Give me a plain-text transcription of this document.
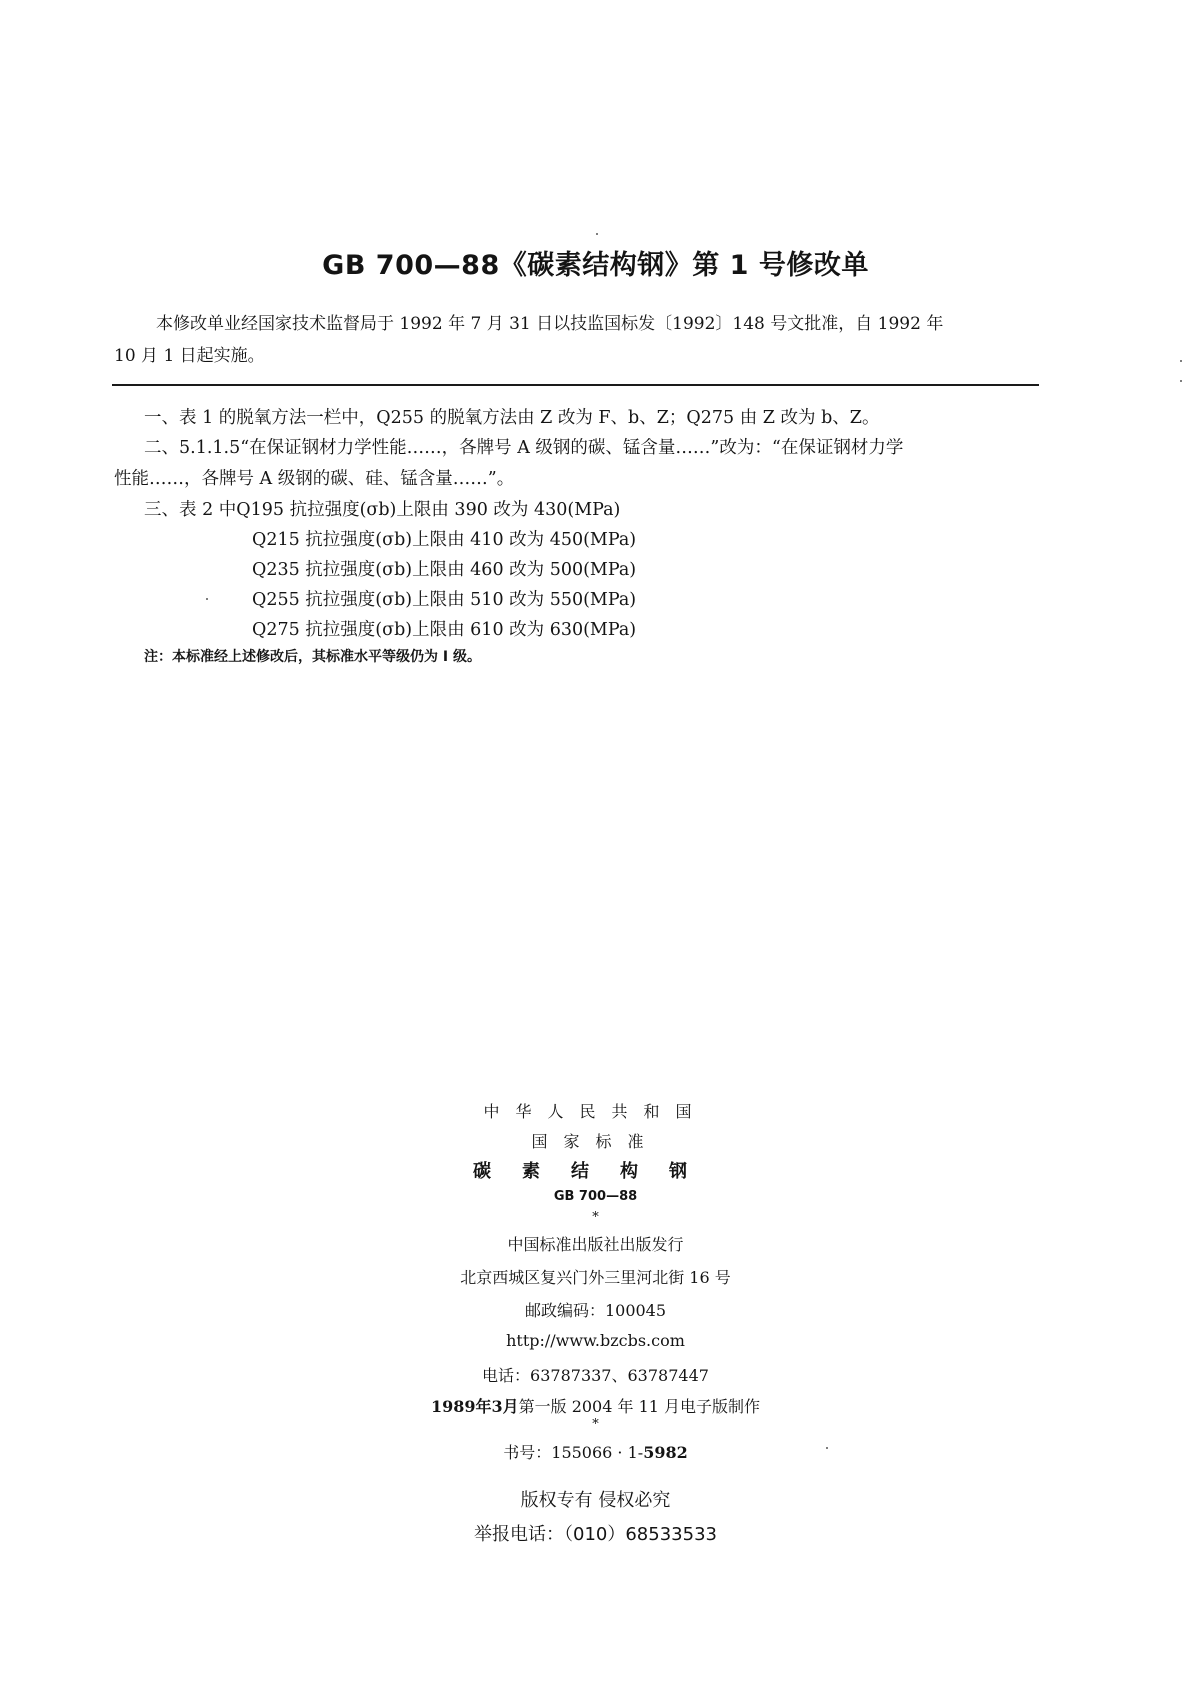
GB 700—88《碳素结构钢》第 1 号修改单
本修改单业经国家技术监督局于 1992 年 7 月 31 日以技监国标发〔1992〕148 号文批准，自 1992 年
10 月 1 日起实施。
一、表 1 的脱氧方法一栏中，Q255 的脱氧方法由 Z 改为 F、b、Z；Q275 由 Z 改为 b、Z。
二、5.1.1.5“在保证钢材力学性能……，各牌号 A 级钢的碳、锰含量……”改为：“在保证钢材力学
性能……，各牌号 A 级钢的碳、硅、锰含量……”。
三、表 2 中Q195 抗拉强度(σb)上限由 390 改为 430(MPa)
Q215 抗拉强度(σb)上限由 410 改为 450(MPa)
Q235 抗拉强度(σb)上限由 460 改为 500(MPa)
Q255 抗拉强度(σb)上限由 510 改为 550(MPa)
Q275 抗拉强度(σb)上限由 610 改为 630(MPa)
注：本标准经上述修改后，其标准水平等级仍为 I 级。
中华人民共和国
国家标准
碳素结构钢
GB 700—88
*
中国标准出版社出版发行
北京西城区复兴门外三里河北街 16 号
邮政编码：100045
http://www.bzcbs.com
电话：63787337、63787447
1989年3月第一版 2004 年 11 月电子版制作
*
书号：155066 · 1-5982
版权专有 侵权必究
举报电话：（010）68533533
